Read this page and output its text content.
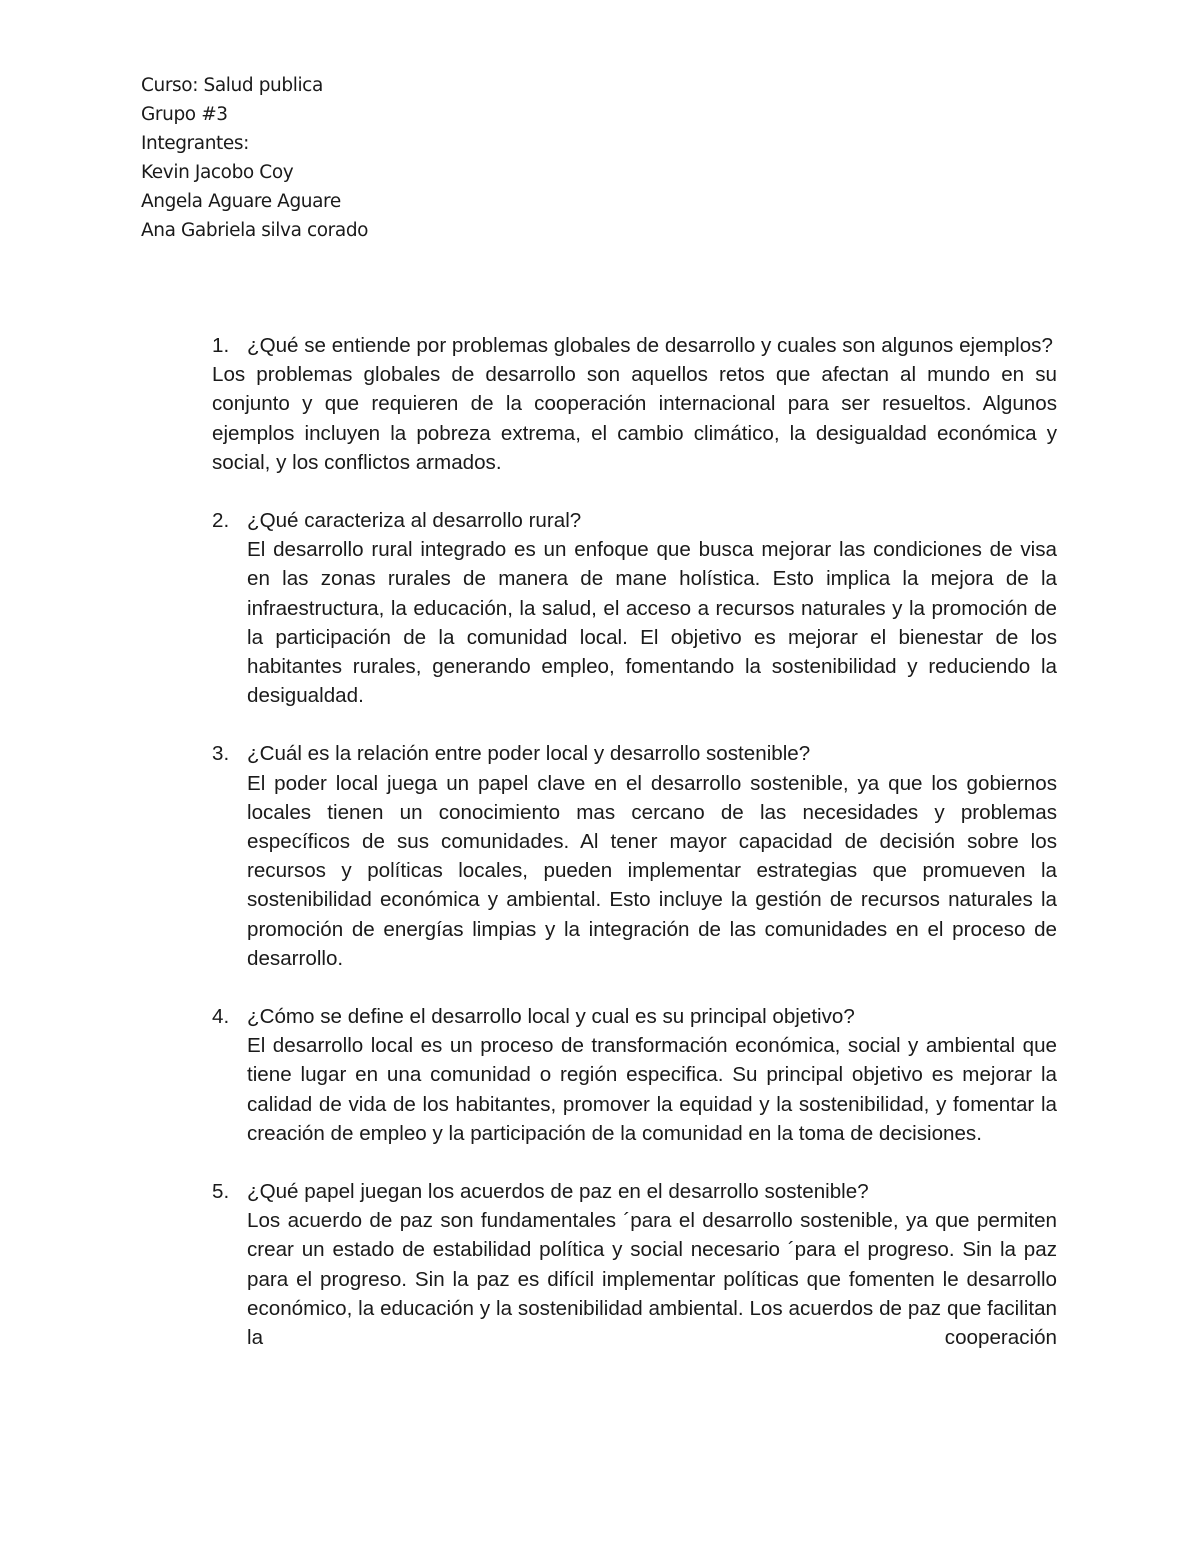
Curso: Salud publica
Grupo #3
Integrantes:
Kevin Jacobo Coy
Angela Aguare Aguare
Ana Gabriela silva corado
1. ¿Qué se entiende por problemas globales de desarrollo y cuales son algunos ejemplos?
Los problemas globales de desarrollo son aquellos retos que afectan al mundo en su conjunto y que requieren de la cooperación internacional para ser resueltos. Algunos ejemplos incluyen la pobreza extrema, el cambio climático, la desigualdad económica y social, y los conflictos armados.
2. ¿Qué caracteriza al desarrollo rural?
El desarrollo rural integrado es un enfoque que busca mejorar las condiciones de visa en las zonas rurales de manera de mane holística. Esto implica la mejora de la infraestructura, la educación, la salud, el acceso a recursos naturales y la promoción de la participación de la comunidad local. El objetivo es mejorar el bienestar de los habitantes rurales, generando empleo, fomentando la sostenibilidad y reduciendo la desigualdad.
3. ¿Cuál es la relación entre poder local y desarrollo sostenible?
El poder local juega un papel clave en el desarrollo sostenible, ya que los gobiernos locales tienen un conocimiento mas cercano de las necesidades y problemas específicos de sus comunidades. Al tener mayor capacidad de decisión sobre los recursos y políticas locales, pueden implementar estrategias que promueven la sostenibilidad económica y ambiental. Esto incluye la gestión de recursos naturales la promoción de energías limpias y la integración de las comunidades en el proceso de desarrollo.
4. ¿Cómo se define el desarrollo local y cual es su principal objetivo?
El desarrollo local es un proceso de transformación económica, social y ambiental que tiene lugar en una comunidad o región especifica. Su principal objetivo es mejorar la calidad de vida de los habitantes, promover la equidad y la sostenibilidad, y fomentar la creación de empleo y la participación de la comunidad en la toma de decisiones.
5. ¿Qué papel juegan los acuerdos de paz en el desarrollo sostenible?
Los acuerdo de paz son fundamentales ´para el desarrollo sostenible, ya que permiten crear un estado de estabilidad política y social necesario ´para el progreso. Sin la paz para el progreso. Sin la paz es difícil implementar políticas que fomenten le desarrollo económico, la educación y la sostenibilidad ambiental. Los acuerdos de paz que facilitan la cooperación
